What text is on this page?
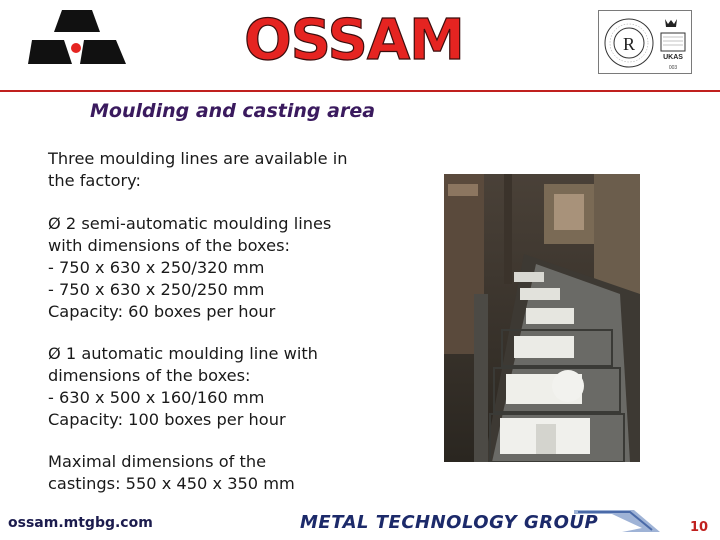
OSSAM	R
UKAS
003
Moulding and casting area
Three moulding lines are available in
the factory:
Ø 2 semi-automatic moulding lines
with dimensions of the boxes:
- 750 x 630 x 250/320 mm
- 750 x 630 x 250/250 mm
Capacity: 60 boxes per hour
Ø 1 automatic moulding line with
dimensions of the boxes:
- 630 x 500 x 160/160 mm
Capacity: 100 boxes per hour
Maximal dimensions of the
castings: 550 x 450 x 350 mm
ossam.mtgbg.com	METAL TECHNOLOGY GROUP	10
